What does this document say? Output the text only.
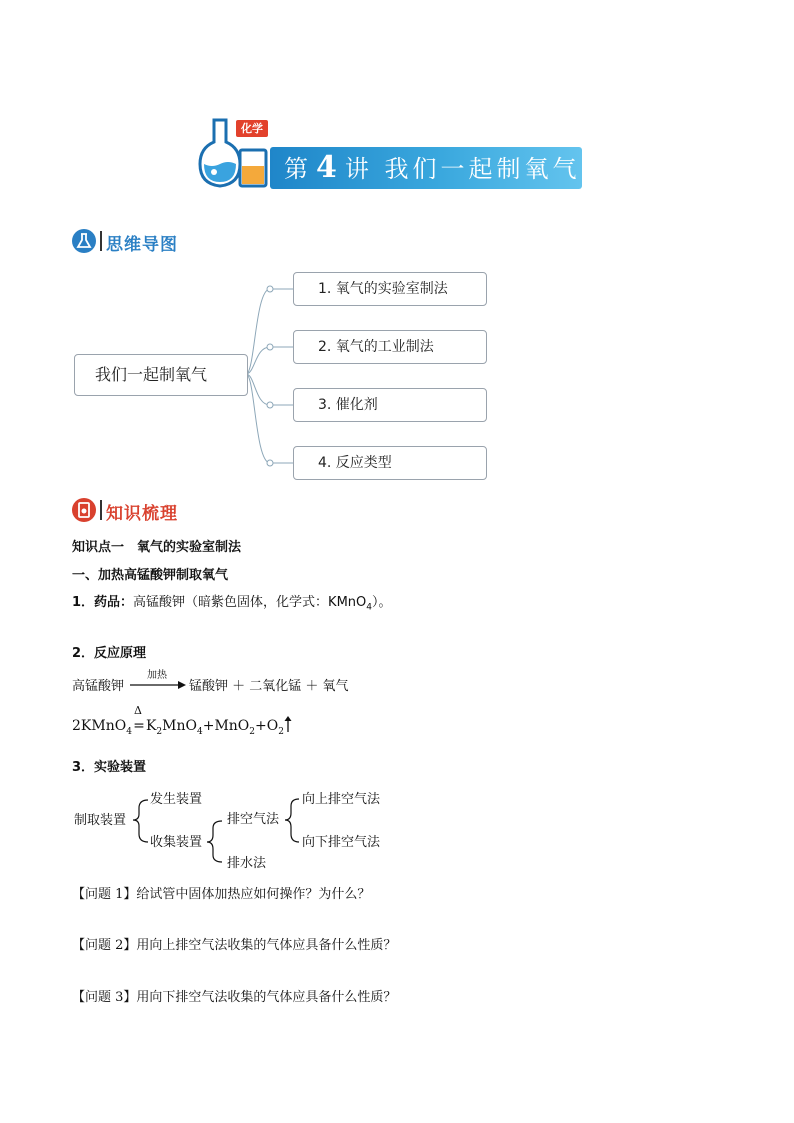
化学
第 4 讲 我们一起制氧气
思维导图
我们一起制氧气
1. 氧气的实验室制法
2. 氧气的工业制法
3. 催化剂
4. 反应类型
知识梳理
知识点一　氧气的实验室制法
一、加热高锰酸钾制取氧气
1．药品：高锰酸钾（暗紫色固体，化学式：KMnO$_4$）。
2．反应原理
高锰酸钾
加热
锰酸钾 ＋ 二氧化锰 ＋ 氧气
2KMnO$_4$
Δ
$=K_2MnO_4+MnO_2+O_2$
3．实验装置
制取装置
发生装置
收集装置
排空气法
排水法
向上排空气法
向下排空气法
【问题 1】给试管中固体加热应如何操作？为什么？
【问题 2】用向上排空气法收集的气体应具备什么性质？
【问题 3】用向下排空气法收集的气体应具备什么性质？
